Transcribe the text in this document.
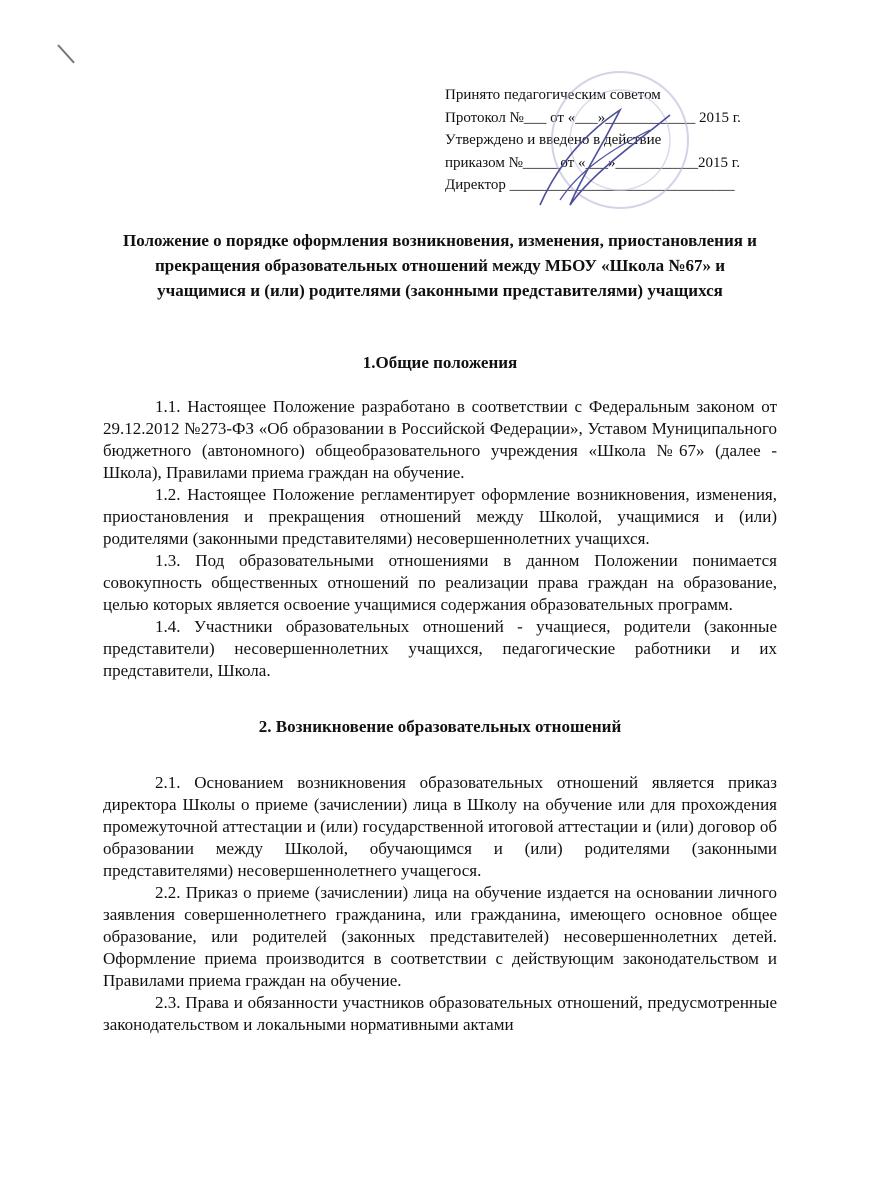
Принято педагогическим советом
Протокол №___ от «___»____________ 2015 г.
Утверждено и введено в действие
приказом №_____от «___»___________2015 г.
Директор ______________________________
Положение о порядке оформления возникновения, изменения, приостановления и прекращения образовательных отношений между МБОУ «Школа №67» и учащимися и (или) родителями (законными представителями) учащихся
1.Общие положения

1.1. Настоящее Положение разработано в соответствии с Федеральным законом от 29.12.2012 №273-ФЗ «Об образовании в Российской Федерации», Уставом Муниципального бюджетного (автономного) общеобразовательного учреждения «Школа №67» (далее - Школа), Правилами приема граждан на обучение.

1.2. Настоящее Положение регламентирует оформление возникновения, изменения, приостановления и прекращения отношений между Школой, учащимися и (или) родителями (законными представителями) несовершеннолетних учащихся.

1.3. Под образовательными отношениями в данном Положении понимается совокупность общественных отношений по реализации права граждан на образование, целью которых является освоение учащимися содержания образовательных программ.

1.4. Участники образовательных отношений - учащиеся, родители (законные представители) несовершеннолетних учащихся, педагогические работники и их представители, Школа.

2. Возникновение образовательных отношений

2.1. Основанием возникновения образовательных отношений является приказ директора Школы о приеме (зачислении) лица в Школу на обучение или для прохождения промежуточной аттестации и (или) государственной итоговой аттестации и (или) договор об образовании между Школой, обучающимся и (или) родителями (законными представителями) несовершеннолетнего учащегося.

2.2. Приказ о приеме (зачислении) лица на обучение издается на основании личного заявления совершеннолетнего гражданина, или гражданина, имеющего основное общее образование, или родителей (законных представителей) несовершеннолетних детей. Оформление приема производится в соответствии с действующим законодательством и Правилами приема граждан на обучение.

2.3. Права и обязанности участников образовательных отношений, предусмотренные законодательством и локальными нормативными актами
